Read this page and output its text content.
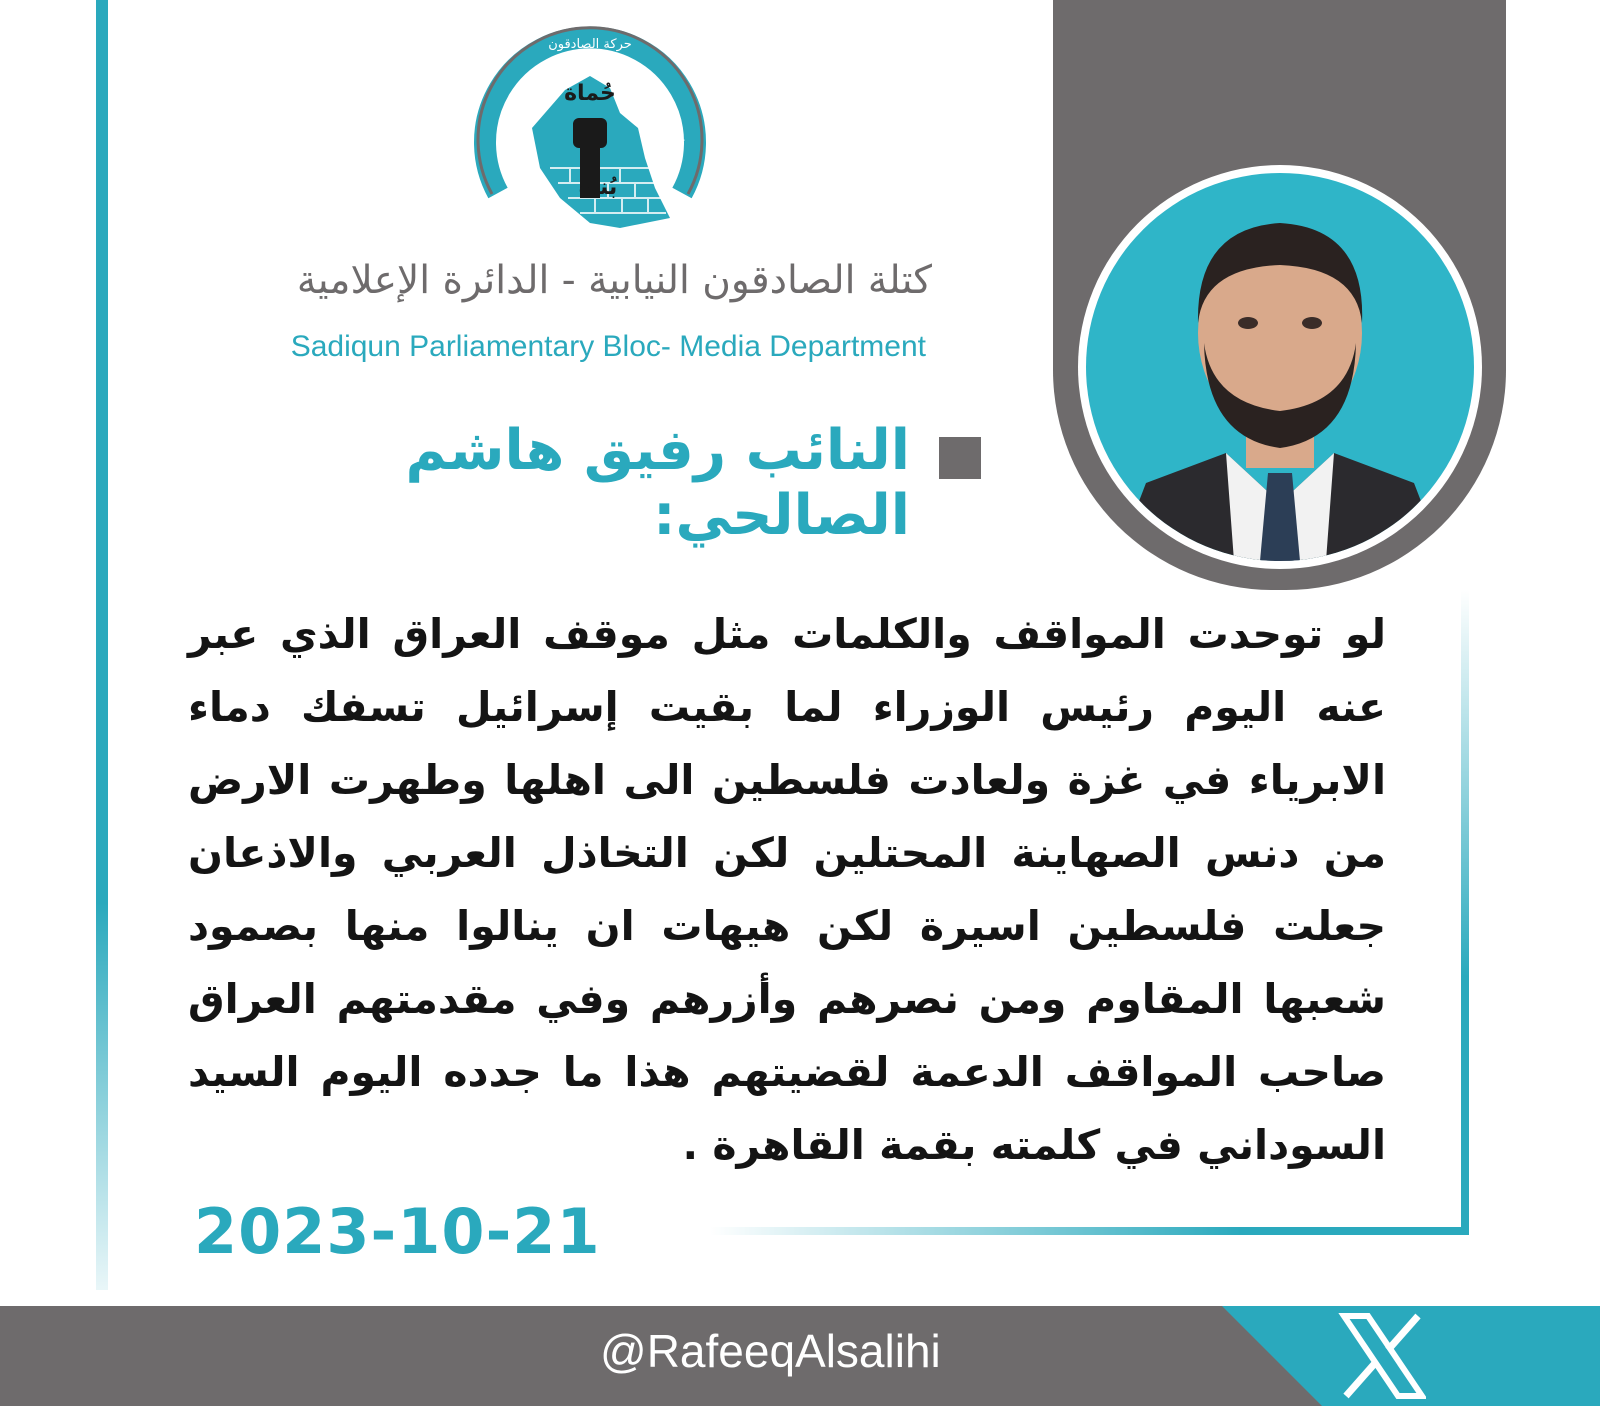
حركة الصادقون
الله اكبر	الله اكبر
حُماة
بُناة
كتلة الصادقون النيابية - الدائرة الإعلامية
Sadiqun Parliamentary Bloc- Media Department
النائب رفيق هاشم الصالحي:
لو توحدت المواقف والكلمات مثل موقف العراق الذي عبر عنه اليوم رئيس الوزراء لما بقيت إسرائيل تسفك دماء الابرياء في غزة ولعادت فلسطين الى اهلها وطهرت الارض من دنس الصهاينة المحتلين لكن التخاذل العربي والاذعان جعلت فلسطين اسيرة لكن هيهات ان ينالوا منها بصمود شعبها المقاوم ومن نصرهم وأزرهم وفي مقدمتهم العراق صاحب المواقف الدعمة لقضيتهم هذا ما جدده اليوم السيد السوداني في كلمته بقمة القاهرة .
2023-10-21
@RafeeqAlsalihi
